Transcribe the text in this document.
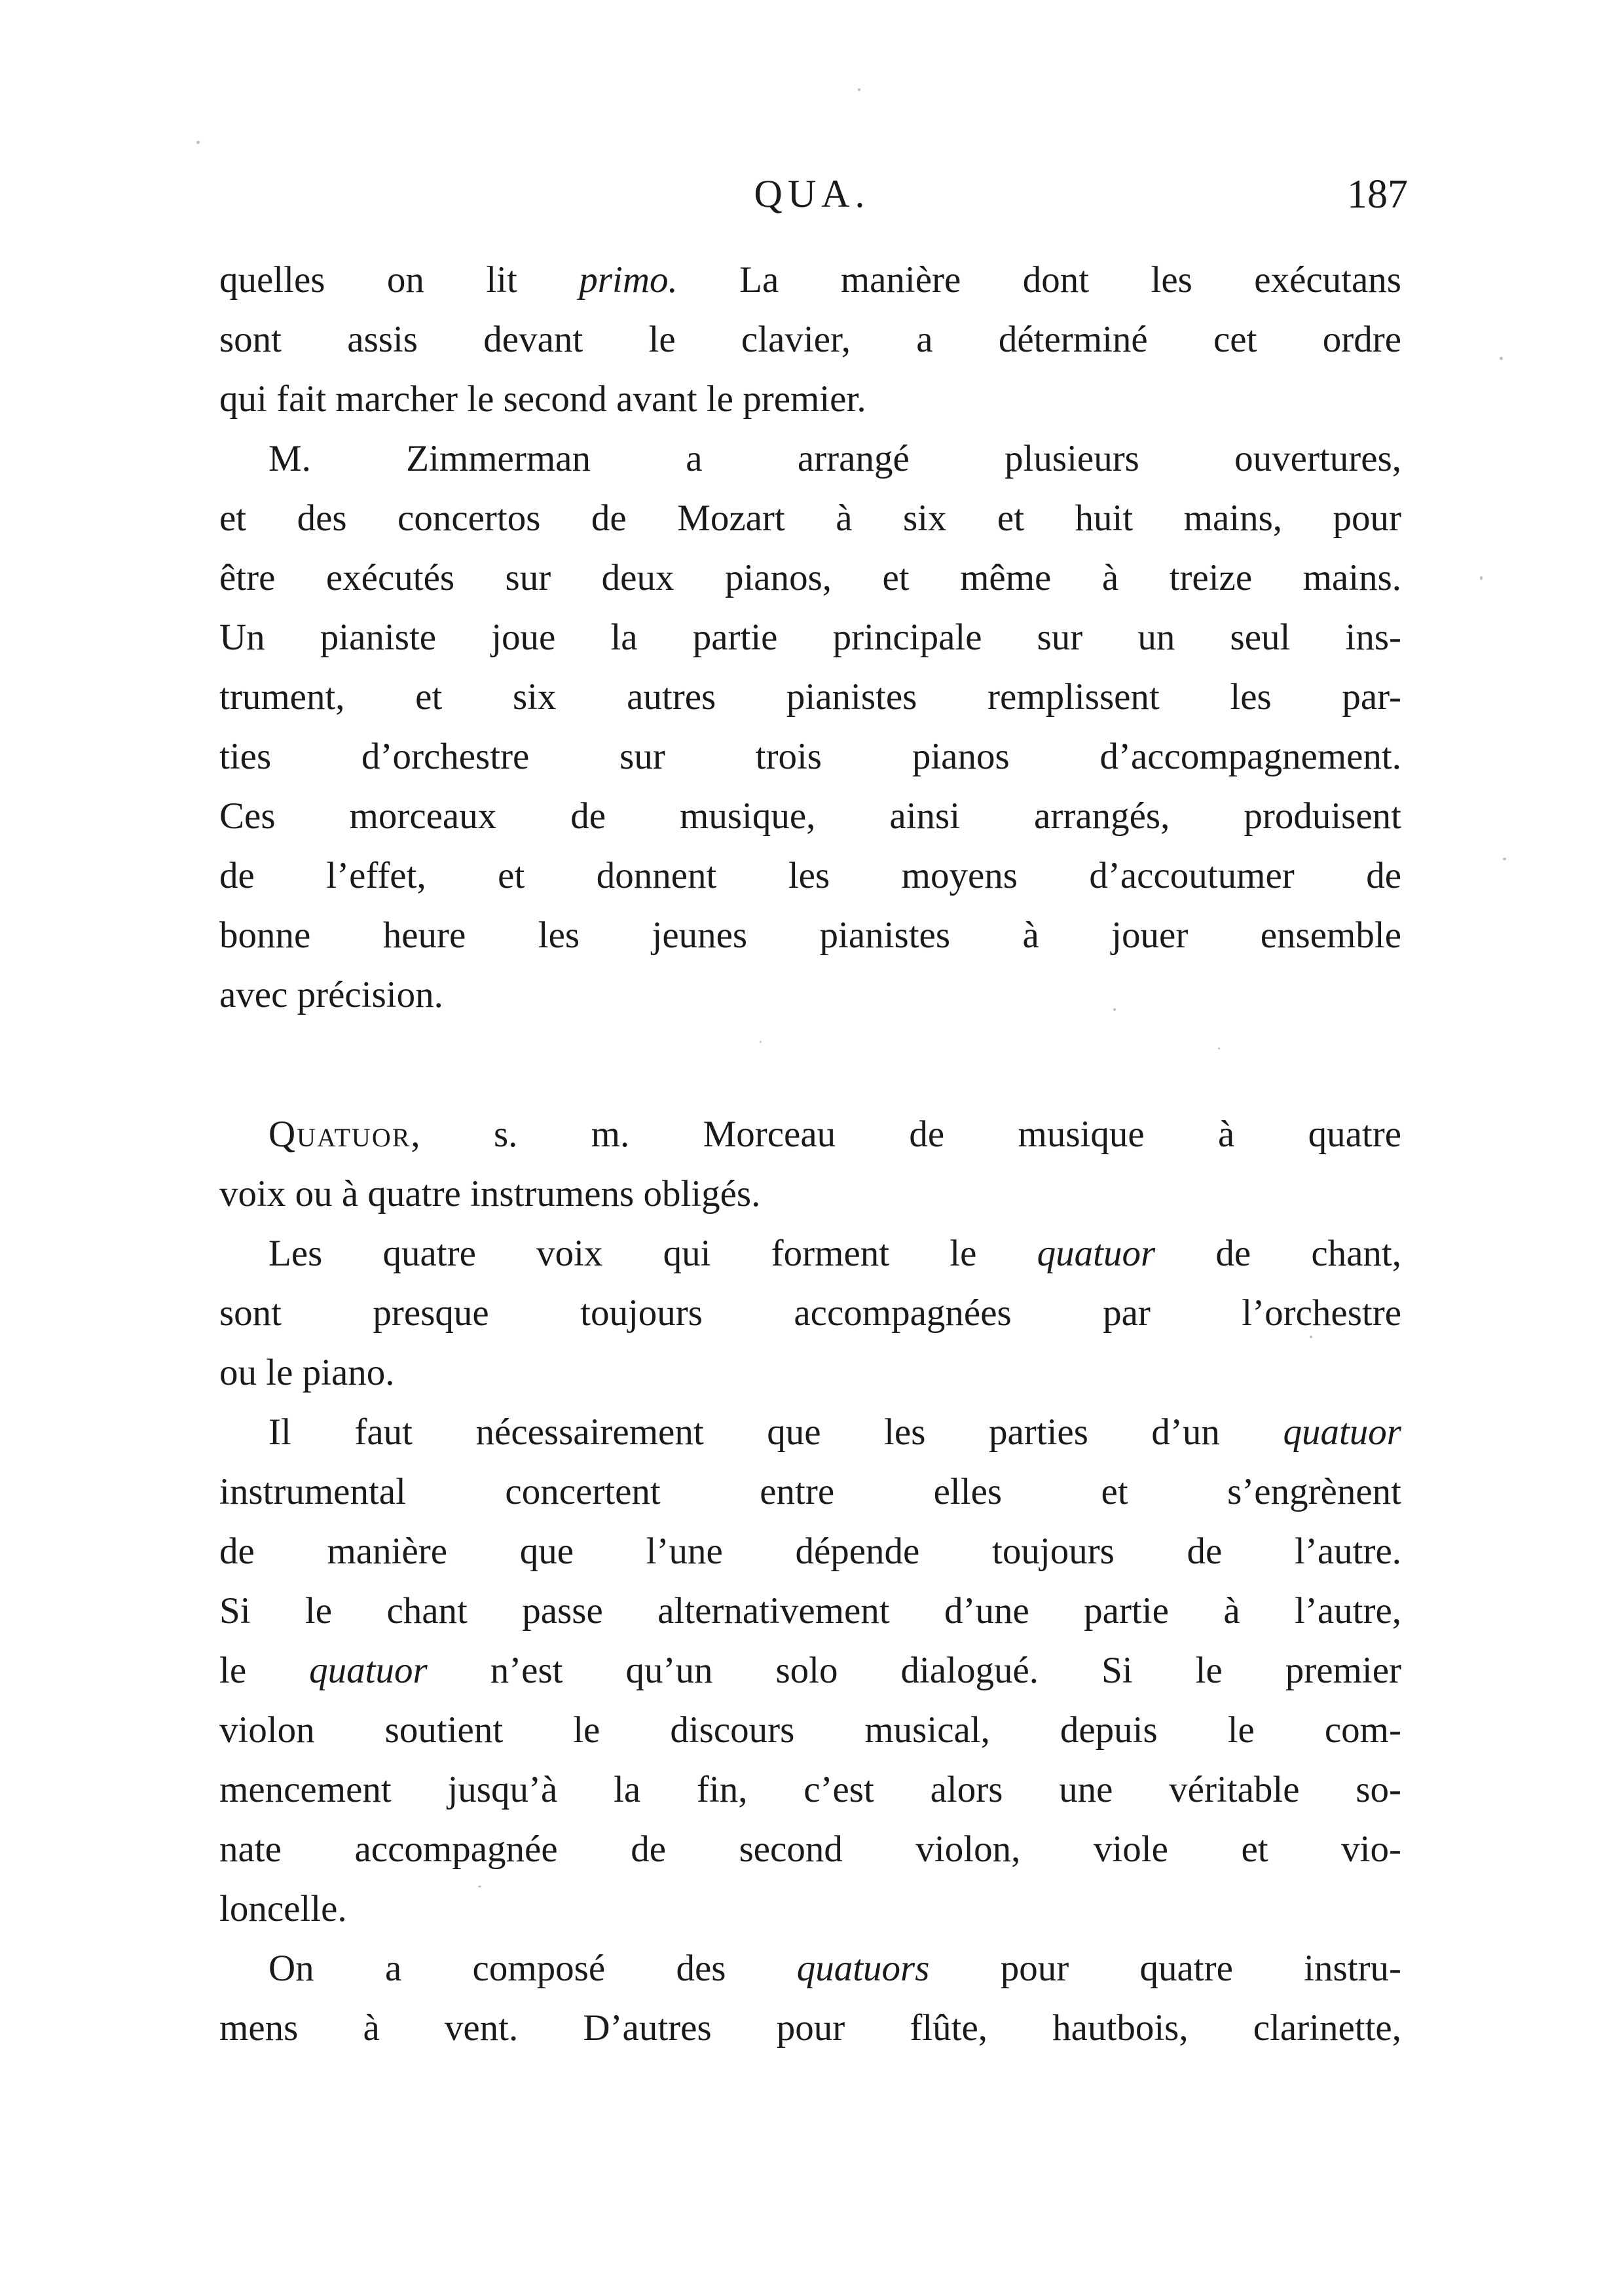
QUA.	187
quelles on lit primo. La manière dont les exécutans
sont assis devant le clavier, a déterminé cet ordre
qui fait marcher le second avant le premier.
M. Zimmerman a arrangé plusieurs ouvertures,
et des concertos de Mozart à six et huit mains, pour
être exécutés sur deux pianos, et même à treize mains.
Un pianiste joue la partie principale sur un seul ins-
trument, et six autres pianistes remplissent les par-
ties d’orchestre sur trois pianos d’accompagnement.
Ces morceaux de musique, ainsi arrangés, produisent
de l’effet, et donnent les moyens d’accoutumer de
bonne heure les jeunes pianistes à jouer ensemble
avec précision.
Quatuor, s. m. Morceau de musique à quatre
voix ou à quatre instrumens obligés.
Les quatre voix qui forment le quatuor de chant,
sont presque toujours accompagnées par l’orchestre
ou le piano.
Il faut nécessairement que les parties d’un quatuor
instrumental concertent entre elles et s’engrènent
de manière que l’une dépende toujours de l’autre.
Si le chant passe alternativement d’une partie à l’autre,
le quatuor n’est qu’un solo dialogué. Si le premier
violon soutient le discours musical, depuis le com-
mencement jusqu’à la fin, c’est alors une véritable so-
nate accompagnée de second violon, viole et vio-
loncelle.
On a composé des quatuors pour quatre instru-
mens à vent. D’autres pour flûte, hautbois, clarinette,
